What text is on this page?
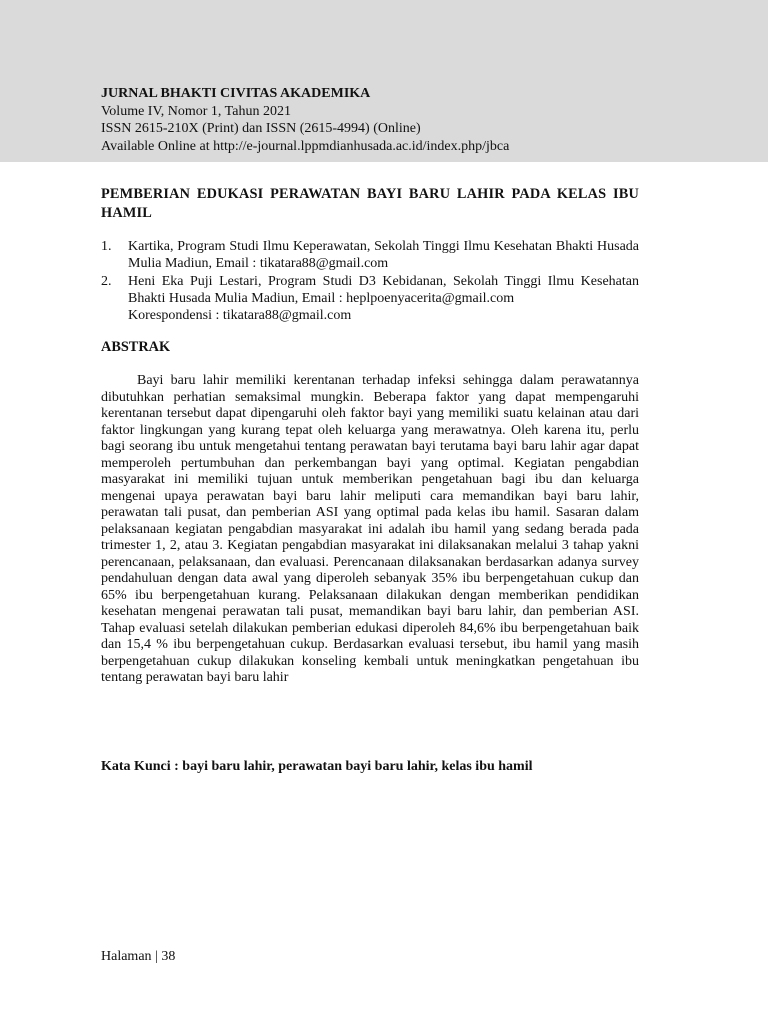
JURNAL BHAKTI CIVITAS AKADEMIKA
Volume IV, Nomor 1, Tahun 2021
ISSN 2615-210X (Print) dan ISSN (2615-4994) (Online)
Available Online at http://e-journal.lppmdianhusada.ac.id/index.php/jbca
PEMBERIAN EDUKASI PERAWATAN BAYI BARU LAHIR PADA KELAS IBU HAMIL
1.	Kartika, Program Studi Ilmu Keperawatan, Sekolah Tinggi Ilmu Kesehatan Bhakti Husada Mulia Madiun, Email : tikatara88@gmail.com
2.	Heni Eka Puji Lestari, Program Studi D3 Kebidanan, Sekolah Tinggi Ilmu Kesehatan Bhakti Husada Mulia Madiun, Email : heplpoenyacerita@gmail.com
Korespondensi : tikatara88@gmail.com
ABSTRAK
Bayi baru lahir memiliki kerentanan terhadap infeksi sehingga dalam perawatannya dibutuhkan perhatian semaksimal mungkin. Beberapa faktor yang dapat mempengaruhi kerentanan tersebut dapat dipengaruhi oleh faktor bayi yang memiliki suatu kelainan atau dari faktor lingkungan yang kurang tepat oleh keluarga yang merawatnya. Oleh karena itu, perlu bagi seorang ibu untuk mengetahui tentang perawatan bayi terutama bayi baru lahir agar dapat memperoleh pertumbuhan dan perkembangan bayi yang optimal. Kegiatan pengabdian masyarakat ini memiliki tujuan untuk memberikan pengetahuan bagi ibu dan keluarga mengenai upaya perawatan bayi baru lahir meliputi cara memandikan bayi baru lahir, perawatan tali pusat, dan pemberian ASI yang optimal pada kelas ibu hamil. Sasaran dalam pelaksanaan kegiatan pengabdian masyarakat ini adalah ibu hamil yang sedang berada pada trimester 1, 2, atau 3. Kegiatan pengabdian masyarakat ini dilaksanakan melalui 3 tahap yakni perencanaan, pelaksanaan, dan evaluasi. Perencanaan dilaksanakan berdasarkan adanya survey pendahuluan dengan data awal yang diperoleh sebanyak 35% ibu berpengetahuan cukup dan 65% ibu berpengetahuan kurang. Pelaksanaan dilakukan dengan memberikan pendidikan kesehatan mengenai perawatan tali pusat, memandikan bayi baru lahir, dan pemberian ASI. Tahap evaluasi setelah dilakukan pemberian edukasi diperoleh 84,6% ibu berpengetahuan baik dan 15,4 % ibu berpengetahuan cukup. Berdasarkan evaluasi tersebut, ibu hamil yang masih berpengetahuan cukup dilakukan konseling kembali untuk meningkatkan pengetahuan ibu tentang perawatan bayi baru lahir
Kata Kunci : bayi baru lahir, perawatan bayi baru lahir, kelas ibu hamil
Halaman | 38
